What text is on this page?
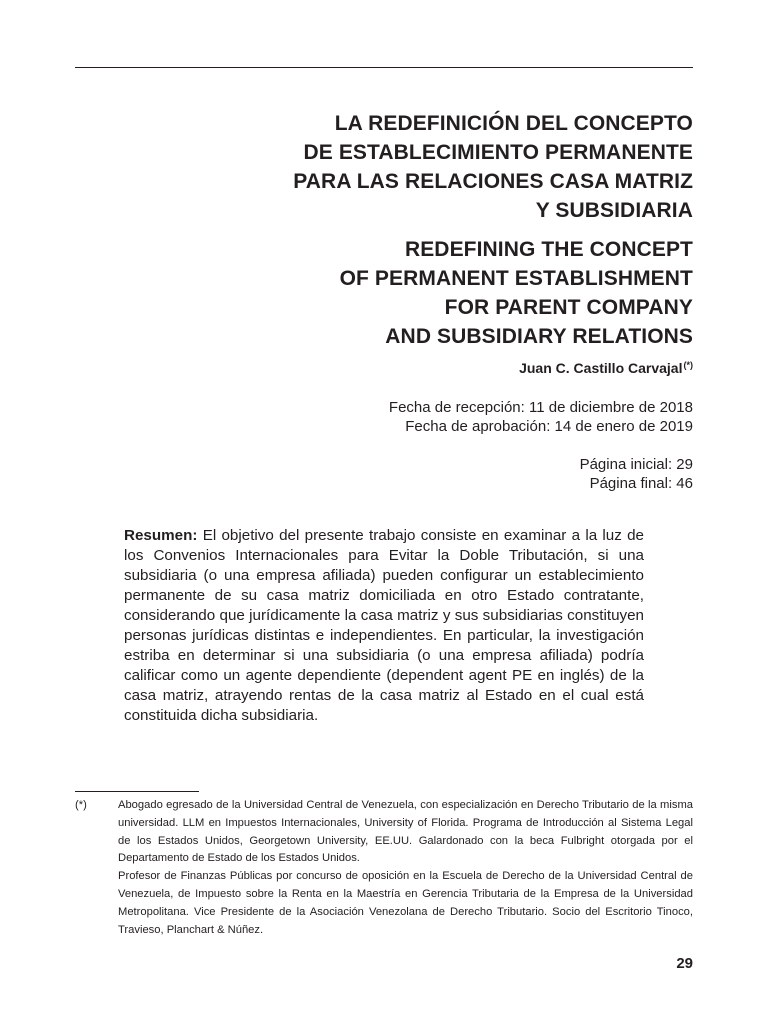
LA REDEFINICIÓN DEL CONCEPTO
DE ESTABLECIMIENTO PERMANENTE
PARA LAS RELACIONES CASA MATRIZ
Y SUBSIDIARIA
REDEFINING THE CONCEPT
OF PERMANENT ESTABLISHMENT
FOR PARENT COMPANY
AND SUBSIDIARY RELATIONS
Juan C. Castillo Carvajal(*)
Fecha de recepción: 11 de diciembre de 2018
Fecha de aprobación: 14 de enero de 2019
Página inicial: 29
Página final: 46
Resumen: El objetivo del presente trabajo consiste en examinar a la luz de los Convenios Internacionales para Evitar la Doble Tributación, si una subsidiaria (o una empresa afiliada) pueden configurar un establecimiento permanente de su casa matriz domiciliada en otro Estado contratante, considerando que jurídicamente la casa matriz y sus subsidiarias constituyen personas jurídicas distintas e independientes. En particular, la investigación estriba en determinar si una subsidiaria (o una empresa afiliada) podría calificar como un agente dependiente (dependent agent PE en inglés) de la casa matriz, atrayendo rentas de la casa matriz al Estado en el cual está constituida dicha subsidiaria.
(*)	Abogado egresado de la Universidad Central de Venezuela, con especialización en Derecho Tributario de la misma universidad. LLM en Impuestos Internacionales, University of Florida. Programa de Introducción al Sistema Legal de los Estados Unidos, Georgetown University, EE.UU. Galardonado con la beca Fulbright otorgada por el Departamento de Estado de los Estados Unidos.

Profesor de Finanzas Públicas por concurso de oposición en la Escuela de Derecho de la Universidad Central de Venezuela, de Impuesto sobre la Renta en la Maestría en Gerencia Tributaria de la Empresa de la Universidad Metropolitana. Vice Presidente de la Asociación Venezolana de Derecho Tributario. Socio del Escritorio Tinoco, Travieso, Planchart & Núñez.

29
